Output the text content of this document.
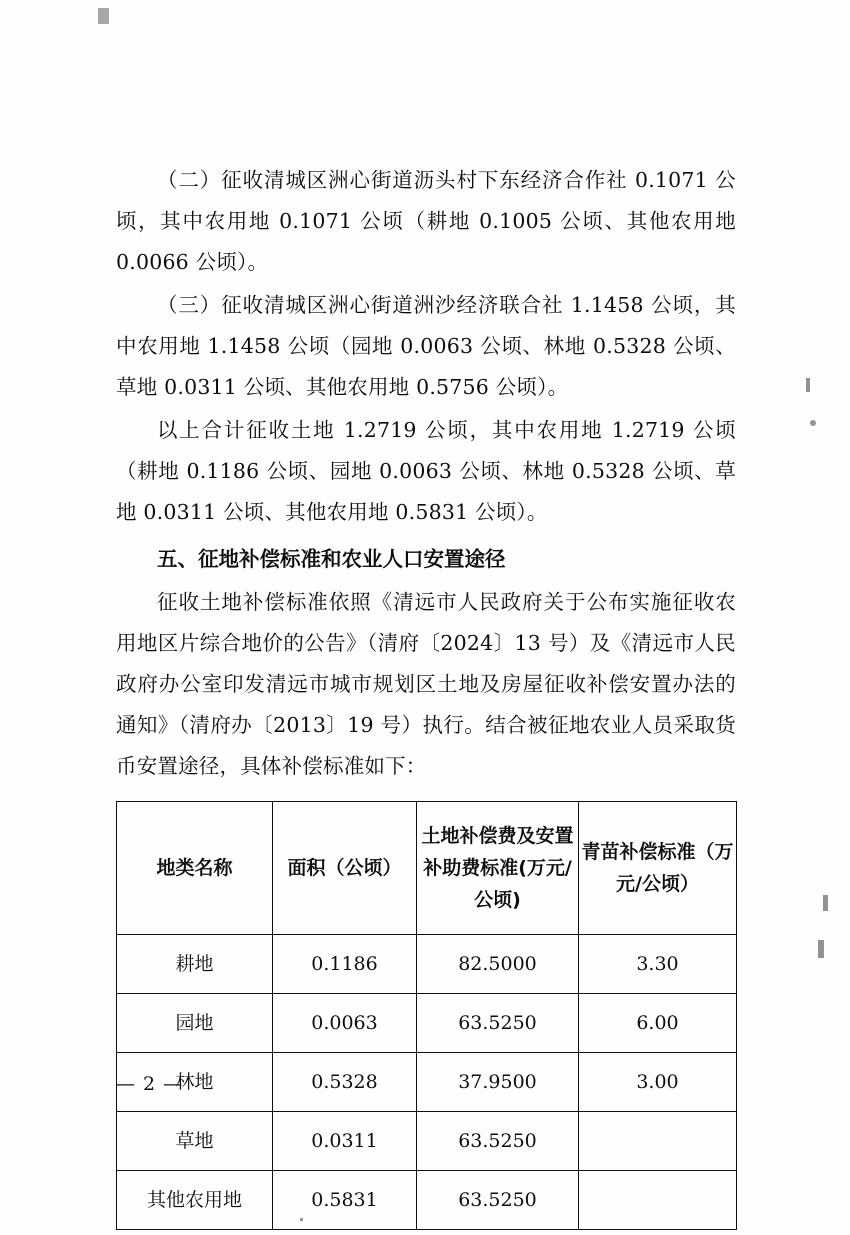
（二）征收清城区洲心街道沥头村下东经济合作社 0.1071 公顷，其中农用地 0.1071 公顷（耕地 0.1005 公顷、其他农用地 0.0066 公顷）。

（三）征收清城区洲心街道洲沙经济联合社 1.1458 公顷，其中农用地 1.1458 公顷（园地 0.0063 公顷、林地 0.5328 公顷、草地 0.0311 公顷、其他农用地 0.5756 公顷）。

以上合计征收土地 1.2719 公顷，其中农用地 1.2719 公顷（耕地 0.1186 公顷、园地 0.0063 公顷、林地 0.5328 公顷、草地 0.0311 公顷、其他农用地 0.5831 公顷）。

五、征地补偿标准和农业人口安置途径

征收土地补偿标准依照《清远市人民政府关于公布实施征收农用地区片综合地价的公告》（清府〔2024〕13 号）及《清远市人民政府办公室印发清远市城市规划区土地及房屋征收补偿安置办法的通知》（清府办〔2013〕19 号）执行。结合被征地农业人员采取货币安置途径，具体补偿标准如下：

地类名称	面积（公顷）	土地补偿费及安置补助费标准(万元/公顷)	青苗补偿标准（万元/公顷）
耕地	0.1186	82.5000	3.30
园地	0.0063	63.5250	6.00
林地	0.5328	37.9500	3.00
草地	0.0311	63.5250	
其他农用地	0.5831	63.5250	
— 2 —
